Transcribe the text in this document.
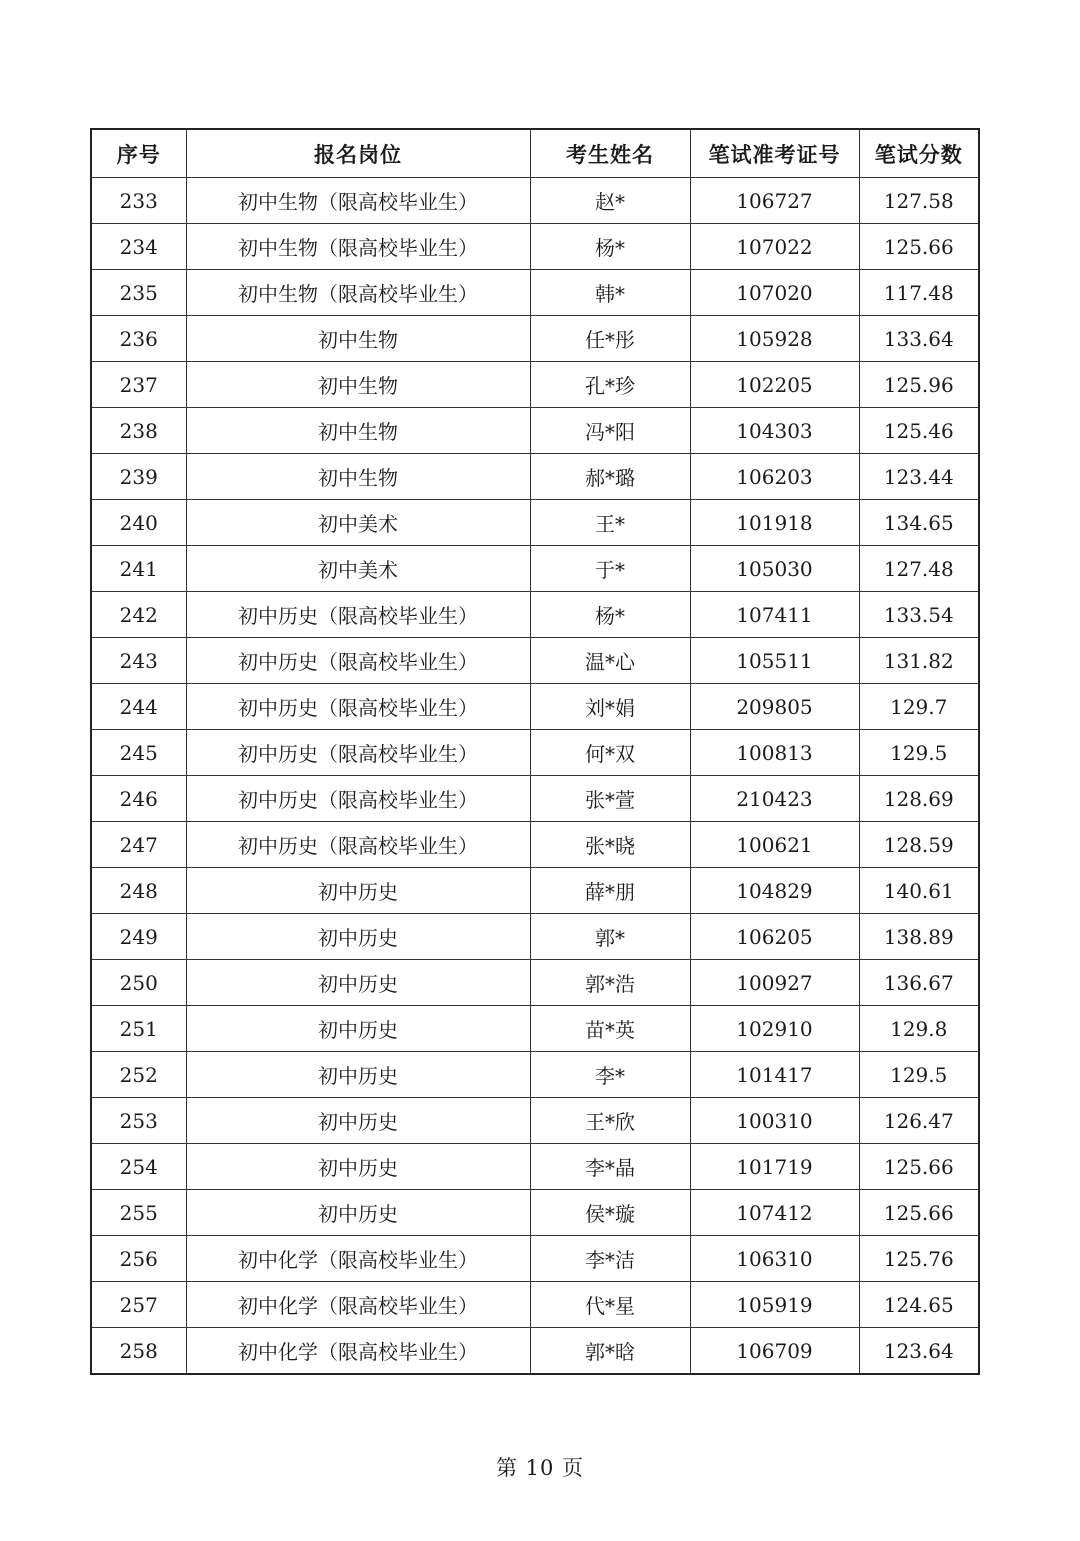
序号	报名岗位	考生姓名	笔试准考证号	笔试分数
233	初中生物（限高校毕业生）	赵*	106727	127.58
234	初中生物（限高校毕业生）	杨*	107022	125.66
235	初中生物（限高校毕业生）	韩*	107020	117.48
236	初中生物	任*彤	105928	133.64
237	初中生物	孔*珍	102205	125.96
238	初中生物	冯*阳	104303	125.46
239	初中生物	郝*璐	106203	123.44
240	初中美术	王*	101918	134.65
241	初中美术	于*	105030	127.48
242	初中历史（限高校毕业生）	杨*	107411	133.54
243	初中历史（限高校毕业生）	温*心	105511	131.82
244	初中历史（限高校毕业生）	刘*娟	209805	129.7
245	初中历史（限高校毕业生）	何*双	100813	129.5
246	初中历史（限高校毕业生）	张*萱	210423	128.69
247	初中历史（限高校毕业生）	张*晓	100621	128.59
248	初中历史	薛*朋	104829	140.61
249	初中历史	郭*	106205	138.89
250	初中历史	郭*浩	100927	136.67
251	初中历史	苗*英	102910	129.8
252	初中历史	李*	101417	129.5
253	初中历史	王*欣	100310	126.47
254	初中历史	李*晶	101719	125.66
255	初中历史	侯*璇	107412	125.66
256	初中化学（限高校毕业生）	李*洁	106310	125.76
257	初中化学（限高校毕业生）	代*星	105919	124.65
258	初中化学（限高校毕业生）	郭*晗	106709	123.64
第 10 页
